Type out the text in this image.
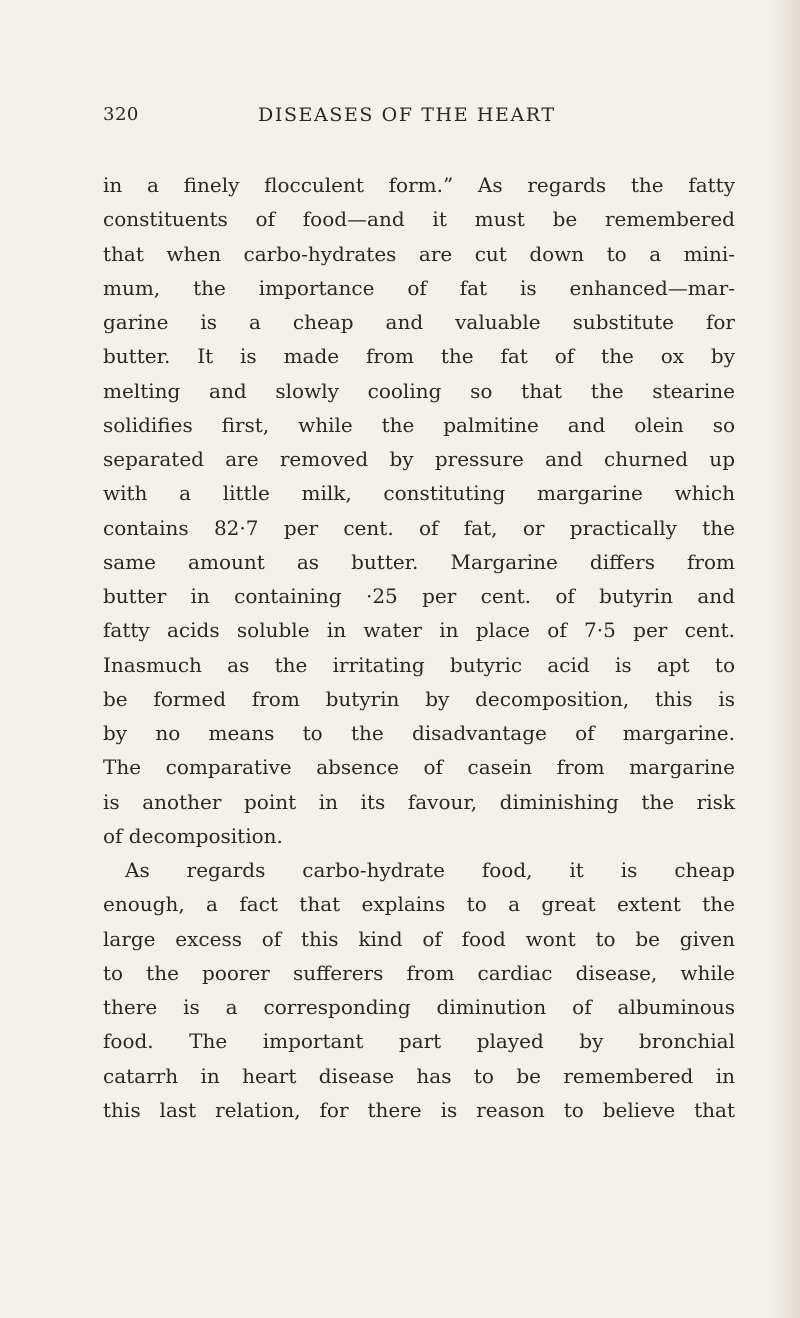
320	DISEASES OF THE HEART
in a finely flocculent form.” As regards the fatty
constituents of food—and it must be remembered
that when carbo-hydrates are cut down to a mini-
mum, the importance of fat is enhanced—mar-
garine is a cheap and valuable substitute for
butter. It is made from the fat of the ox by
melting and slowly cooling so that the stearine
solidifies first, while the palmitine and olein so
separated are removed by pressure and churned up
with a little milk, constituting margarine which
contains 82·7 per cent. of fat, or practically the
same amount as butter. Margarine differs from
butter in containing ·25 per cent. of butyrin and
fatty acids soluble in water in place of 7·5 per cent.
Inasmuch as the irritating butyric acid is apt to
be formed from butyrin by decomposition, this is
by no means to the disadvantage of margarine.
The comparative absence of casein from margarine
is another point in its favour, diminishing the risk
of decomposition.
As regards carbo-hydrate food, it is cheap
enough, a fact that explains to a great extent the
large excess of this kind of food wont to be given
to the poorer sufferers from cardiac disease, while
there is a corresponding diminution of albuminous
food. The important part played by bronchial
catarrh in heart disease has to be remembered in
this last relation, for there is reason to believe that
